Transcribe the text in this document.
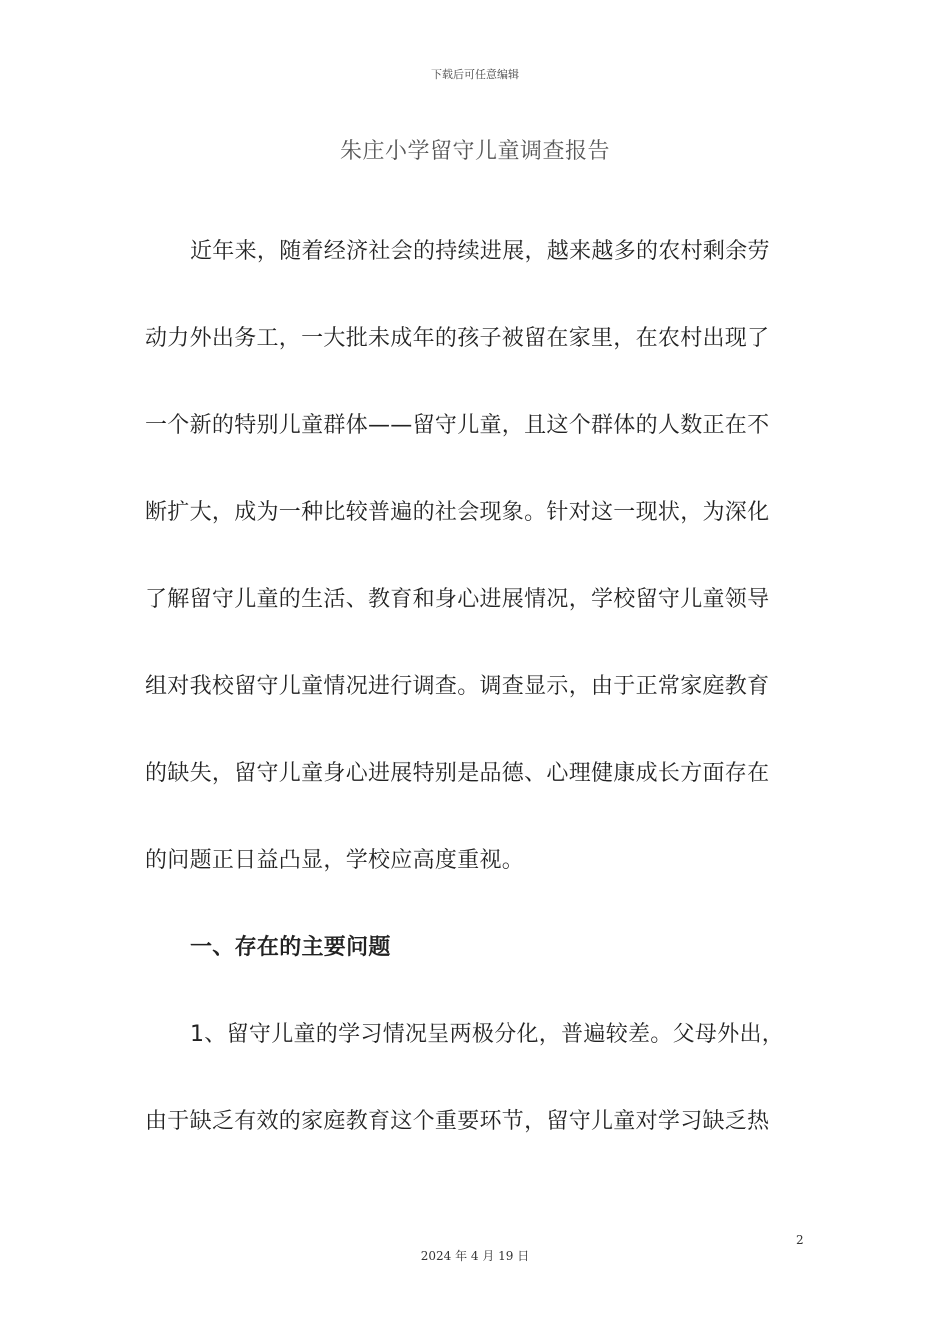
下载后可任意编辑
朱庄小学留守儿童调查报告
近年来，随着经济社会的持续进展，越来越多的农村剩余劳
动力外出务工，一大批未成年的孩子被留在家里，在农村出现了
一个新的特别儿童群体——留守儿童，且这个群体的人数正在不
断扩大，成为一种比较普遍的社会现象。针对这一现状，为深化
了解留守儿童的生活、教育和身心进展情况，学校留守儿童领导
组对我校留守儿童情况进行调查。调查显示，由于正常家庭教育
的缺失，留守儿童身心进展特别是品德、心理健康成长方面存在
的问题正日益凸显，学校应高度重视。
一、存在的主要问题
1、留守儿童的学习情况呈两极分化，普遍较差。父母外出，
由于缺乏有效的家庭教育这个重要环节，留守儿童对学习缺乏热
2
2024 年 4 月 19 日
